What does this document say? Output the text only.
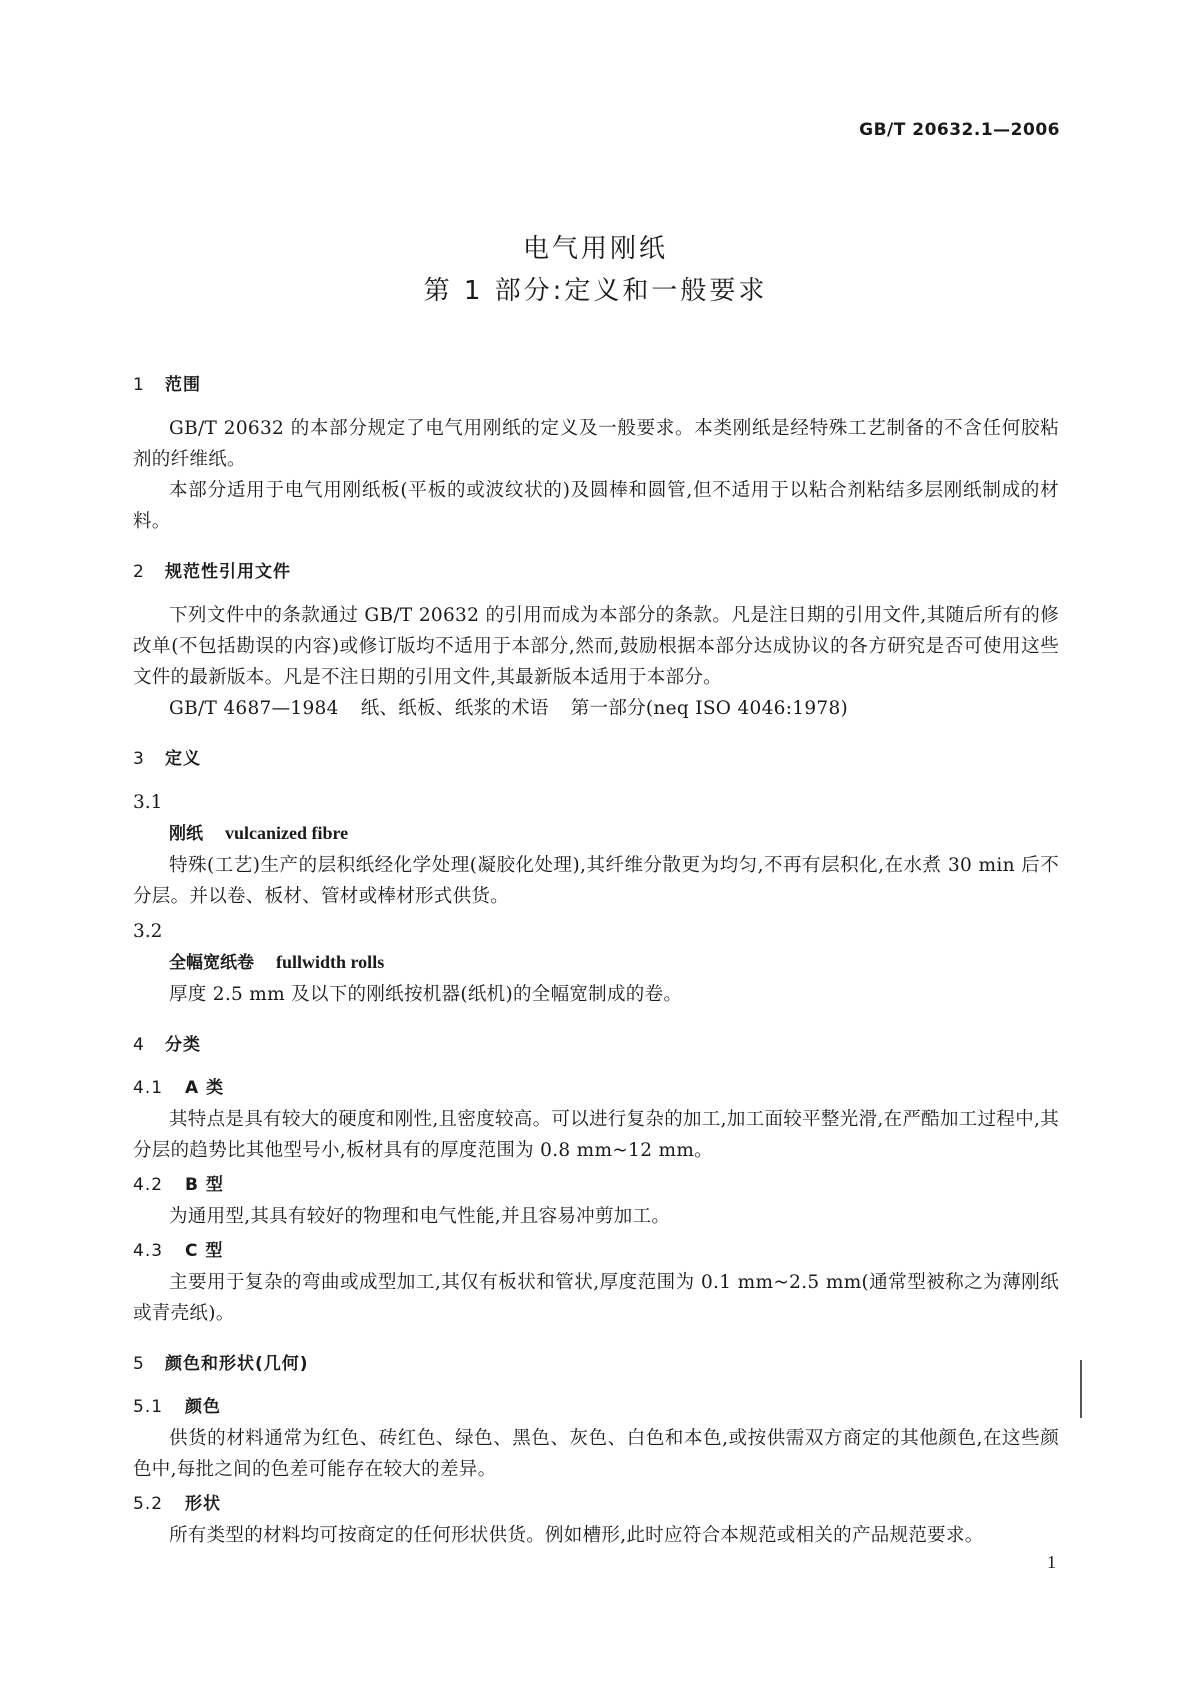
GB/T 20632.1—2006
电气用刚纸
第 1 部分:定义和一般要求
1 范围
GB/T 20632 的本部分规定了电气用刚纸的定义及一般要求。本类刚纸是经特殊工艺制备的不含任何胶粘剂的纤维纸。
本部分适用于电气用刚纸板(平板的或波纹状的)及圆棒和圆管,但不适用于以粘合剂粘结多层刚纸制成的材料。
2 规范性引用文件
下列文件中的条款通过 GB/T 20632 的引用而成为本部分的条款。凡是注日期的引用文件,其随后所有的修改单(不包括勘误的内容)或修订版均不适用于本部分,然而,鼓励根据本部分达成协议的各方研究是否可使用这些文件的最新版本。凡是不注日期的引用文件,其最新版本适用于本部分。
GB/T 4687—1984 纸、纸板、纸浆的术语 第一部分(neq ISO 4046:1978)
3 定义
3.1
刚纸 vulcanized fibre
特殊(工艺)生产的层积纸经化学处理(凝胶化处理),其纤维分散更为均匀,不再有层积化,在水煮 30 min 后不分层。并以卷、板材、管材或棒材形式供货。
3.2
全幅宽纸卷 fullwidth rolls
厚度 2.5 mm 及以下的刚纸按机器(纸机)的全幅宽制成的卷。
4 分类
4.1 A 类
其特点是具有较大的硬度和刚性,且密度较高。可以进行复杂的加工,加工面较平整光滑,在严酷加工过程中,其分层的趋势比其他型号小,板材具有的厚度范围为 0.8 mm~12 mm。
4.2 B 型
为通用型,其具有较好的物理和电气性能,并且容易冲剪加工。
4.3 C 型
主要用于复杂的弯曲或成型加工,其仅有板状和管状,厚度范围为 0.1 mm~2.5 mm(通常型被称之为薄刚纸或青壳纸)。
5 颜色和形状(几何)
5.1 颜色
供货的材料通常为红色、砖红色、绿色、黑色、灰色、白色和本色,或按供需双方商定的其他颜色,在这些颜色中,每批之间的色差可能存在较大的差异。
5.2 形状
所有类型的材料均可按商定的任何形状供货。例如槽形,此时应符合本规范或相关的产品规范要求。
1
